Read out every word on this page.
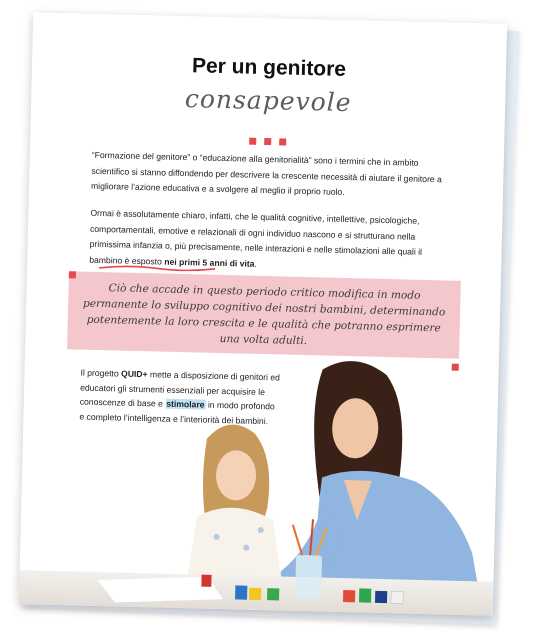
Per un genitore
consapevole

“Formazione del genitore” o “educazione alla genitorialità” sono i termini che in ambito scientifico si stanno diffondendo per descrivere la crescente necessità di aiutare il genitore a migliorare l’azione educativa e a svolgere al meglio il proprio ruolo.

Ormai è assolutamente chiaro, infatti, che le qualità cognitive, intellettive, psicologiche, comportamentali, emotive e relazionali di ogni individuo nascono e si strutturano nella primissima infanzia o, più precisamente, nelle interazioni e nelle stimolazioni alle quali il bambino è esposto nei primi 5 anni di vita.

Ciò che accade in questo periodo critico modifica in modo permanente lo sviluppo cognitivo dei nostri bambini, determinando potentemente la loro crescita e le qualità che potranno esprimere una volta adulti.

Il progetto QUID+ mette a disposizione di genitori ed educatori gli strumenti essenziali per acquisire le conoscenze di base e stimolare in modo profondo e completo l’intelligenza e l’interiorità dei bambini.
